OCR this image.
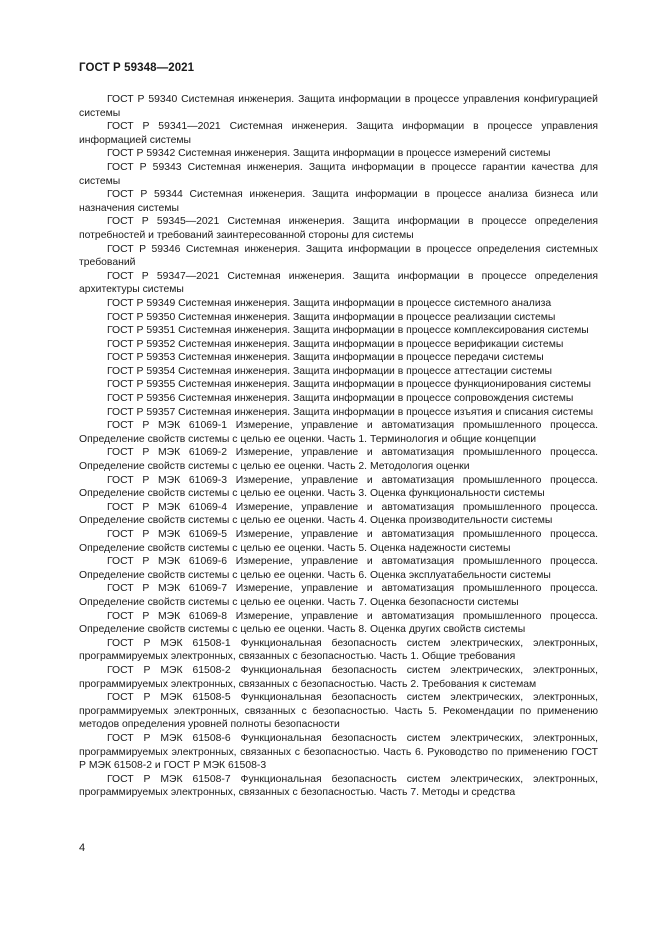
ГОСТ Р 59348—2021

ГОСТ Р 59340 Системная инженерия. Защита информации в процессе управления конфигурацией системы

ГОСТ Р 59341—2021 Системная инженерия. Защита информации в процессе управления информацией системы

ГОСТ Р 59342 Системная инженерия. Защита информации в процессе измерений системы

ГОСТ Р 59343 Системная инженерия. Защита информации в процессе гарантии качества для системы

ГОСТ Р 59344 Системная инженерия. Защита информации в процессе анализа бизнеса или назначения системы

ГОСТ Р 59345—2021 Системная инженерия. Защита информации в процессе определения потребностей и требований заинтересованной стороны для системы

ГОСТ Р 59346 Системная инженерия. Защита информации в процессе определения системных требований

ГОСТ Р 59347—2021 Системная инженерия. Защита информации в процессе определения архитектуры системы

ГОСТ Р 59349 Системная инженерия. Защита информации в процессе системного анализа

ГОСТ Р 59350 Системная инженерия. Защита информации в процессе реализации системы

ГОСТ Р 59351 Системная инженерия. Защита информации в процессе комплексирования системы

ГОСТ Р 59352 Системная инженерия. Защита информации в процессе верификации системы

ГОСТ Р 59353 Системная инженерия. Защита информации в процессе передачи системы

ГОСТ Р 59354 Системная инженерия. Защита информации в процессе аттестации системы

ГОСТ Р 59355 Системная инженерия. Защита информации в процессе функционирования системы

ГОСТ Р 59356 Системная инженерия. Защита информации в процессе сопровождения системы

ГОСТ Р 59357 Системная инженерия. Защита информации в процессе изъятия и списания системы

ГОСТ Р МЭК 61069-1 Измерение, управление и автоматизация промышленного процесса. Определение свойств системы с целью ее оценки. Часть 1. Терминология и общие концепции

ГОСТ Р МЭК 61069-2 Измерение, управление и автоматизация промышленного процесса. Определение свойств системы с целью ее оценки. Часть 2. Методология оценки

ГОСТ Р МЭК 61069-3 Измерение, управление и автоматизация промышленного процесса. Определение свойств системы с целью ее оценки. Часть 3. Оценка функциональности системы

ГОСТ Р МЭК 61069-4 Измерение, управление и автоматизация промышленного процесса. Определение свойств системы с целью ее оценки. Часть 4. Оценка производительности системы

ГОСТ Р МЭК 61069-5 Измерение, управление и автоматизация промышленного процесса. Определение свойств системы с целью ее оценки. Часть 5. Оценка надежности системы

ГОСТ Р МЭК 61069-6 Измерение, управление и автоматизация промышленного процесса. Определение свойств системы с целью ее оценки. Часть 6. Оценка эксплуатабельности системы

ГОСТ Р МЭК 61069-7 Измерение, управление и автоматизация промышленного процесса. Определение свойств системы с целью ее оценки. Часть 7. Оценка безопасности системы

ГОСТ Р МЭК 61069-8 Измерение, управление и автоматизация промышленного процесса. Определение свойств системы с целью ее оценки. Часть 8. Оценка других свойств системы

ГОСТ Р МЭК 61508-1 Функциональная безопасность систем электрических, электронных, программируемых электронных, связанных с безопасностью. Часть 1. Общие требования

ГОСТ Р МЭК 61508-2 Функциональная безопасность систем электрических, электронных, программируемых электронных, связанных с безопасностью. Часть 2. Требования к системам

ГОСТ Р МЭК 61508-5 Функциональная безопасность систем электрических, электронных, программируемых электронных, связанных с безопасностью. Часть 5. Рекомендации по применению методов определения уровней полноты безопасности

ГОСТ Р МЭК 61508-6 Функциональная безопасность систем электрических, электронных, программируемых электронных, связанных с безопасностью. Часть 6. Руководство по применению ГОСТ Р МЭК 61508-2 и ГОСТ Р МЭК 61508-3

ГОСТ Р МЭК 61508-7 Функциональная безопасность систем электрических, электронных, программируемых электронных, связанных с безопасностью. Часть 7. Методы и средства

4
